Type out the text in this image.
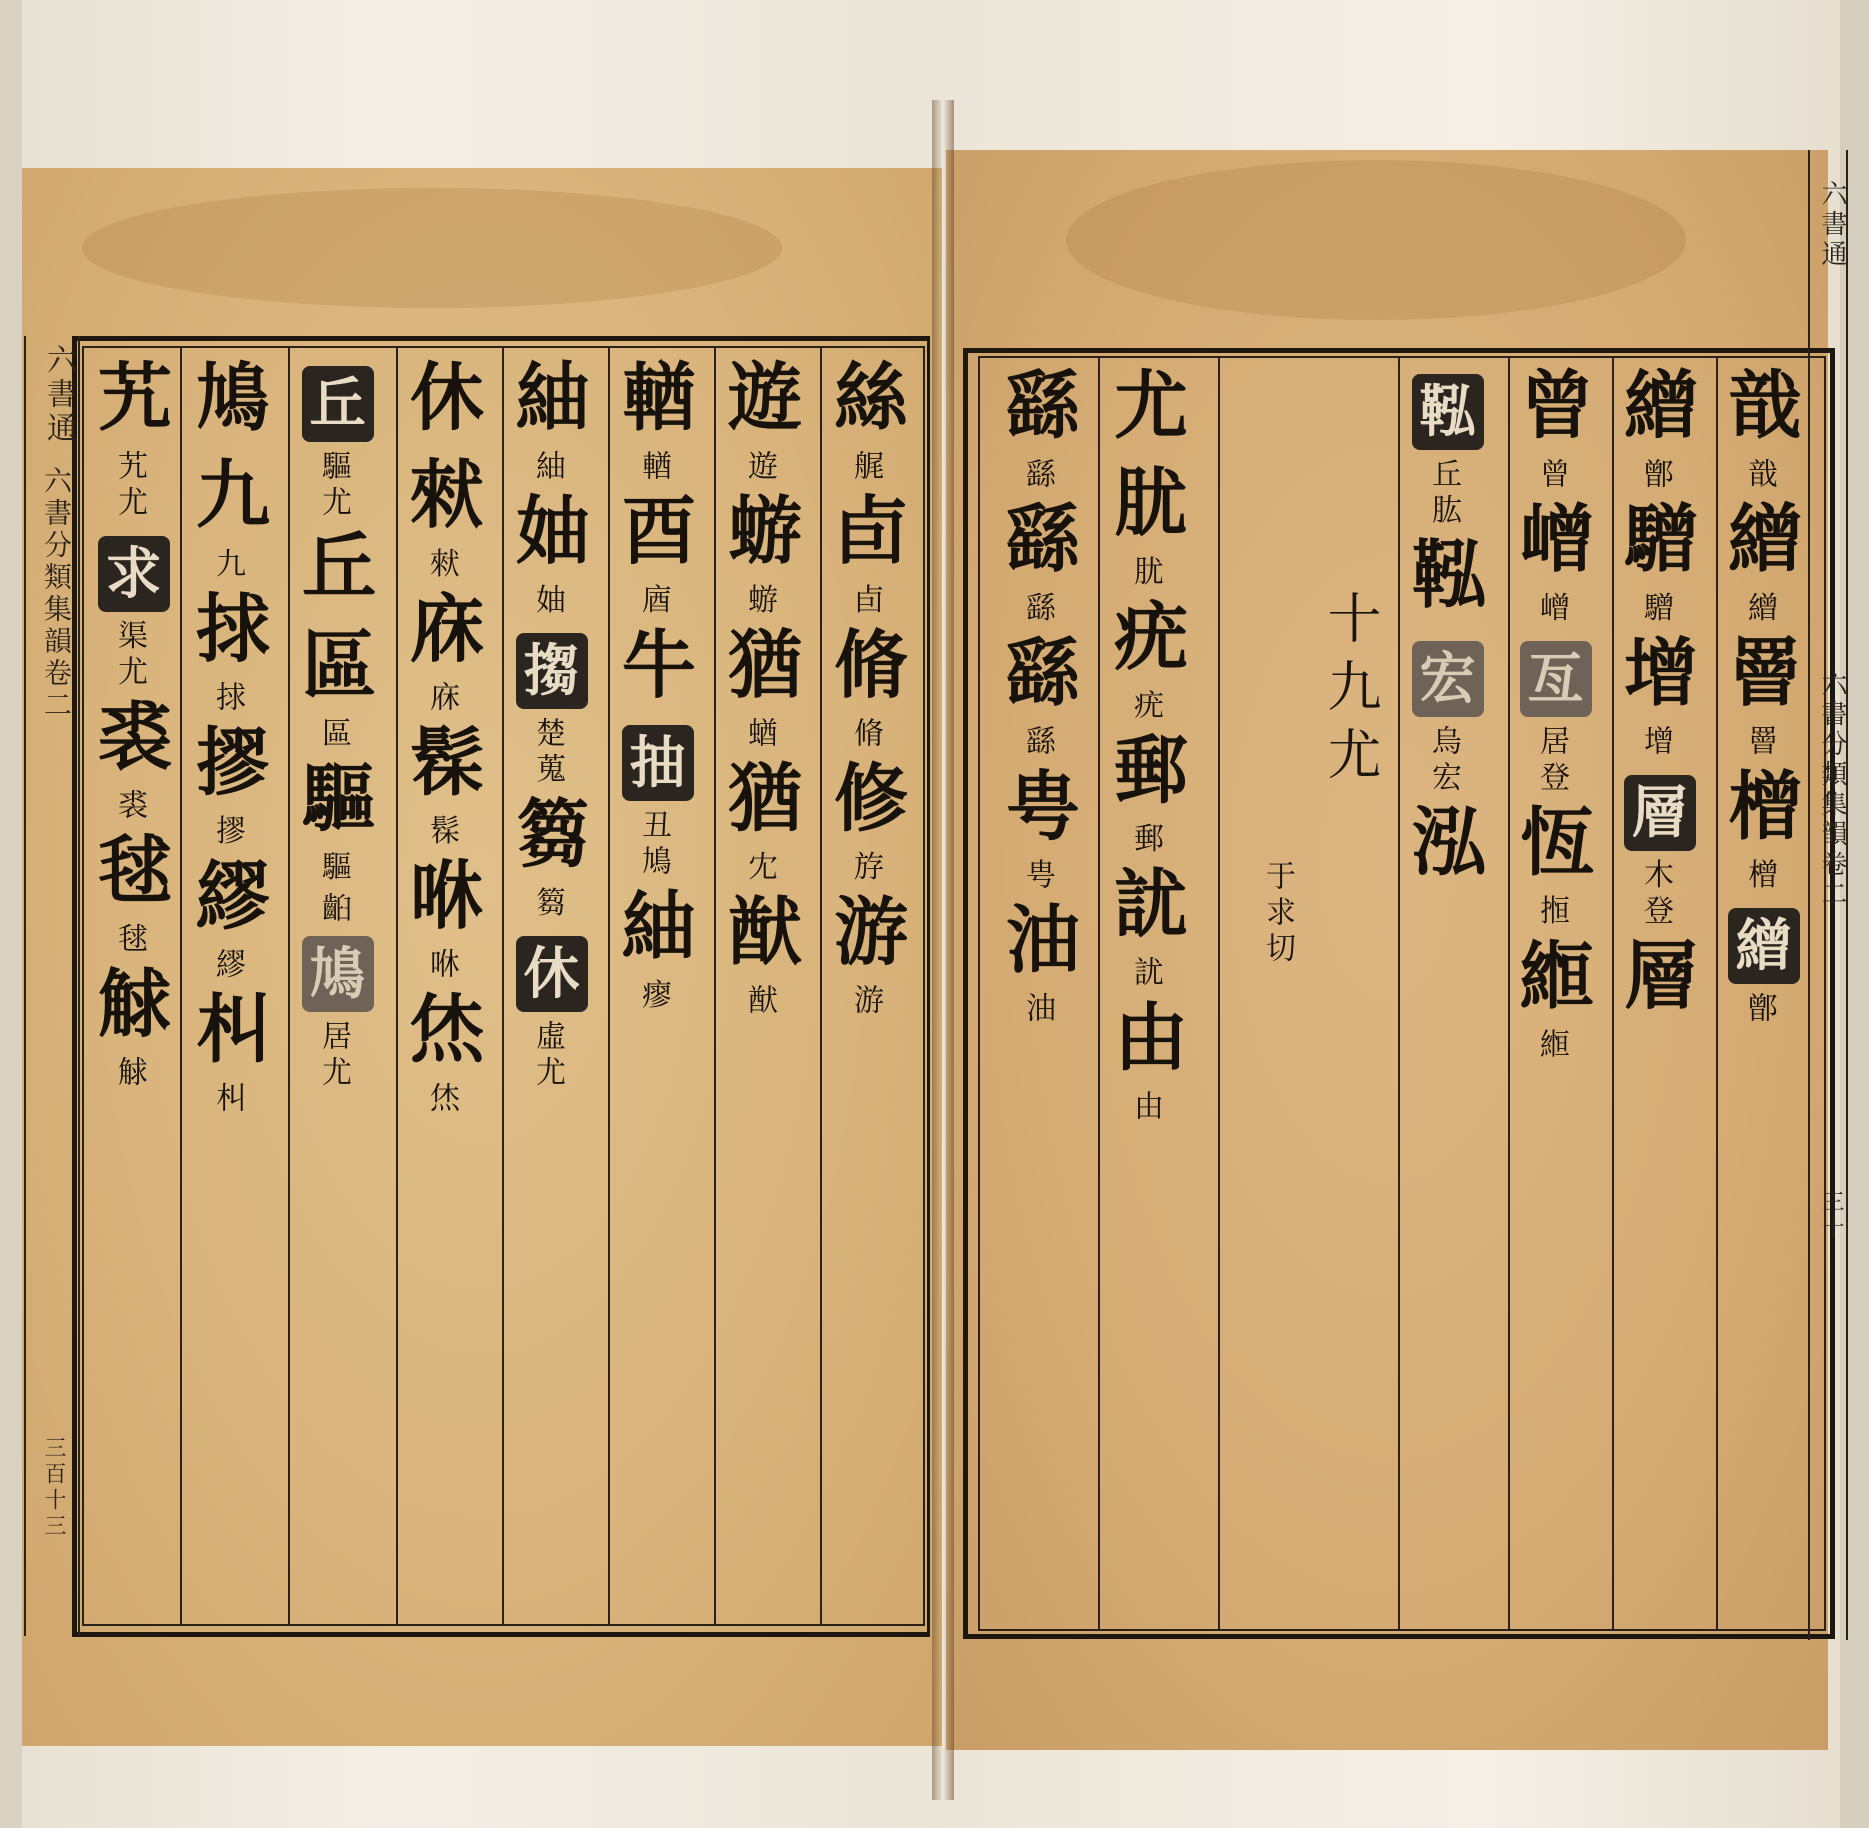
六書通
六書分類集韻卷二
三百十三
六書通
六書分類集韻卷二
三十
絲艉 卣卣 脩脩 修斿 游游
遊遊 蝣蝣 猶蝤 猶冘 猷猷
輶輶 酉庮 牛抽丑鳩 紬瘳
紬紬 妯妯 搊楚蒐 篘篘 休虛尤
休 猌猌 庥庥 髹髹 咻咻 烋烋
丘驅尤 丘 區區 驅驅 齨鳩居尤
鳩 九九 捄捄 摎摎 繆繆 朻朻
艽艽尤 求渠尤 裘裘 毬毬 觩觩
戠戠 繒繒 罾罾 橧橧 繒鄫
繒鄫 驓驓 增增 層木登 層
曾曾 嶒嶒 亙居登 恆搄 縆縆
鞃丘肱 鞃 宏烏宏 泓
十九尤
于求切
尤 肬肬 疣疣 郵郵 訧訧 由由
繇繇 繇繇 繇繇 甹甹 油油
